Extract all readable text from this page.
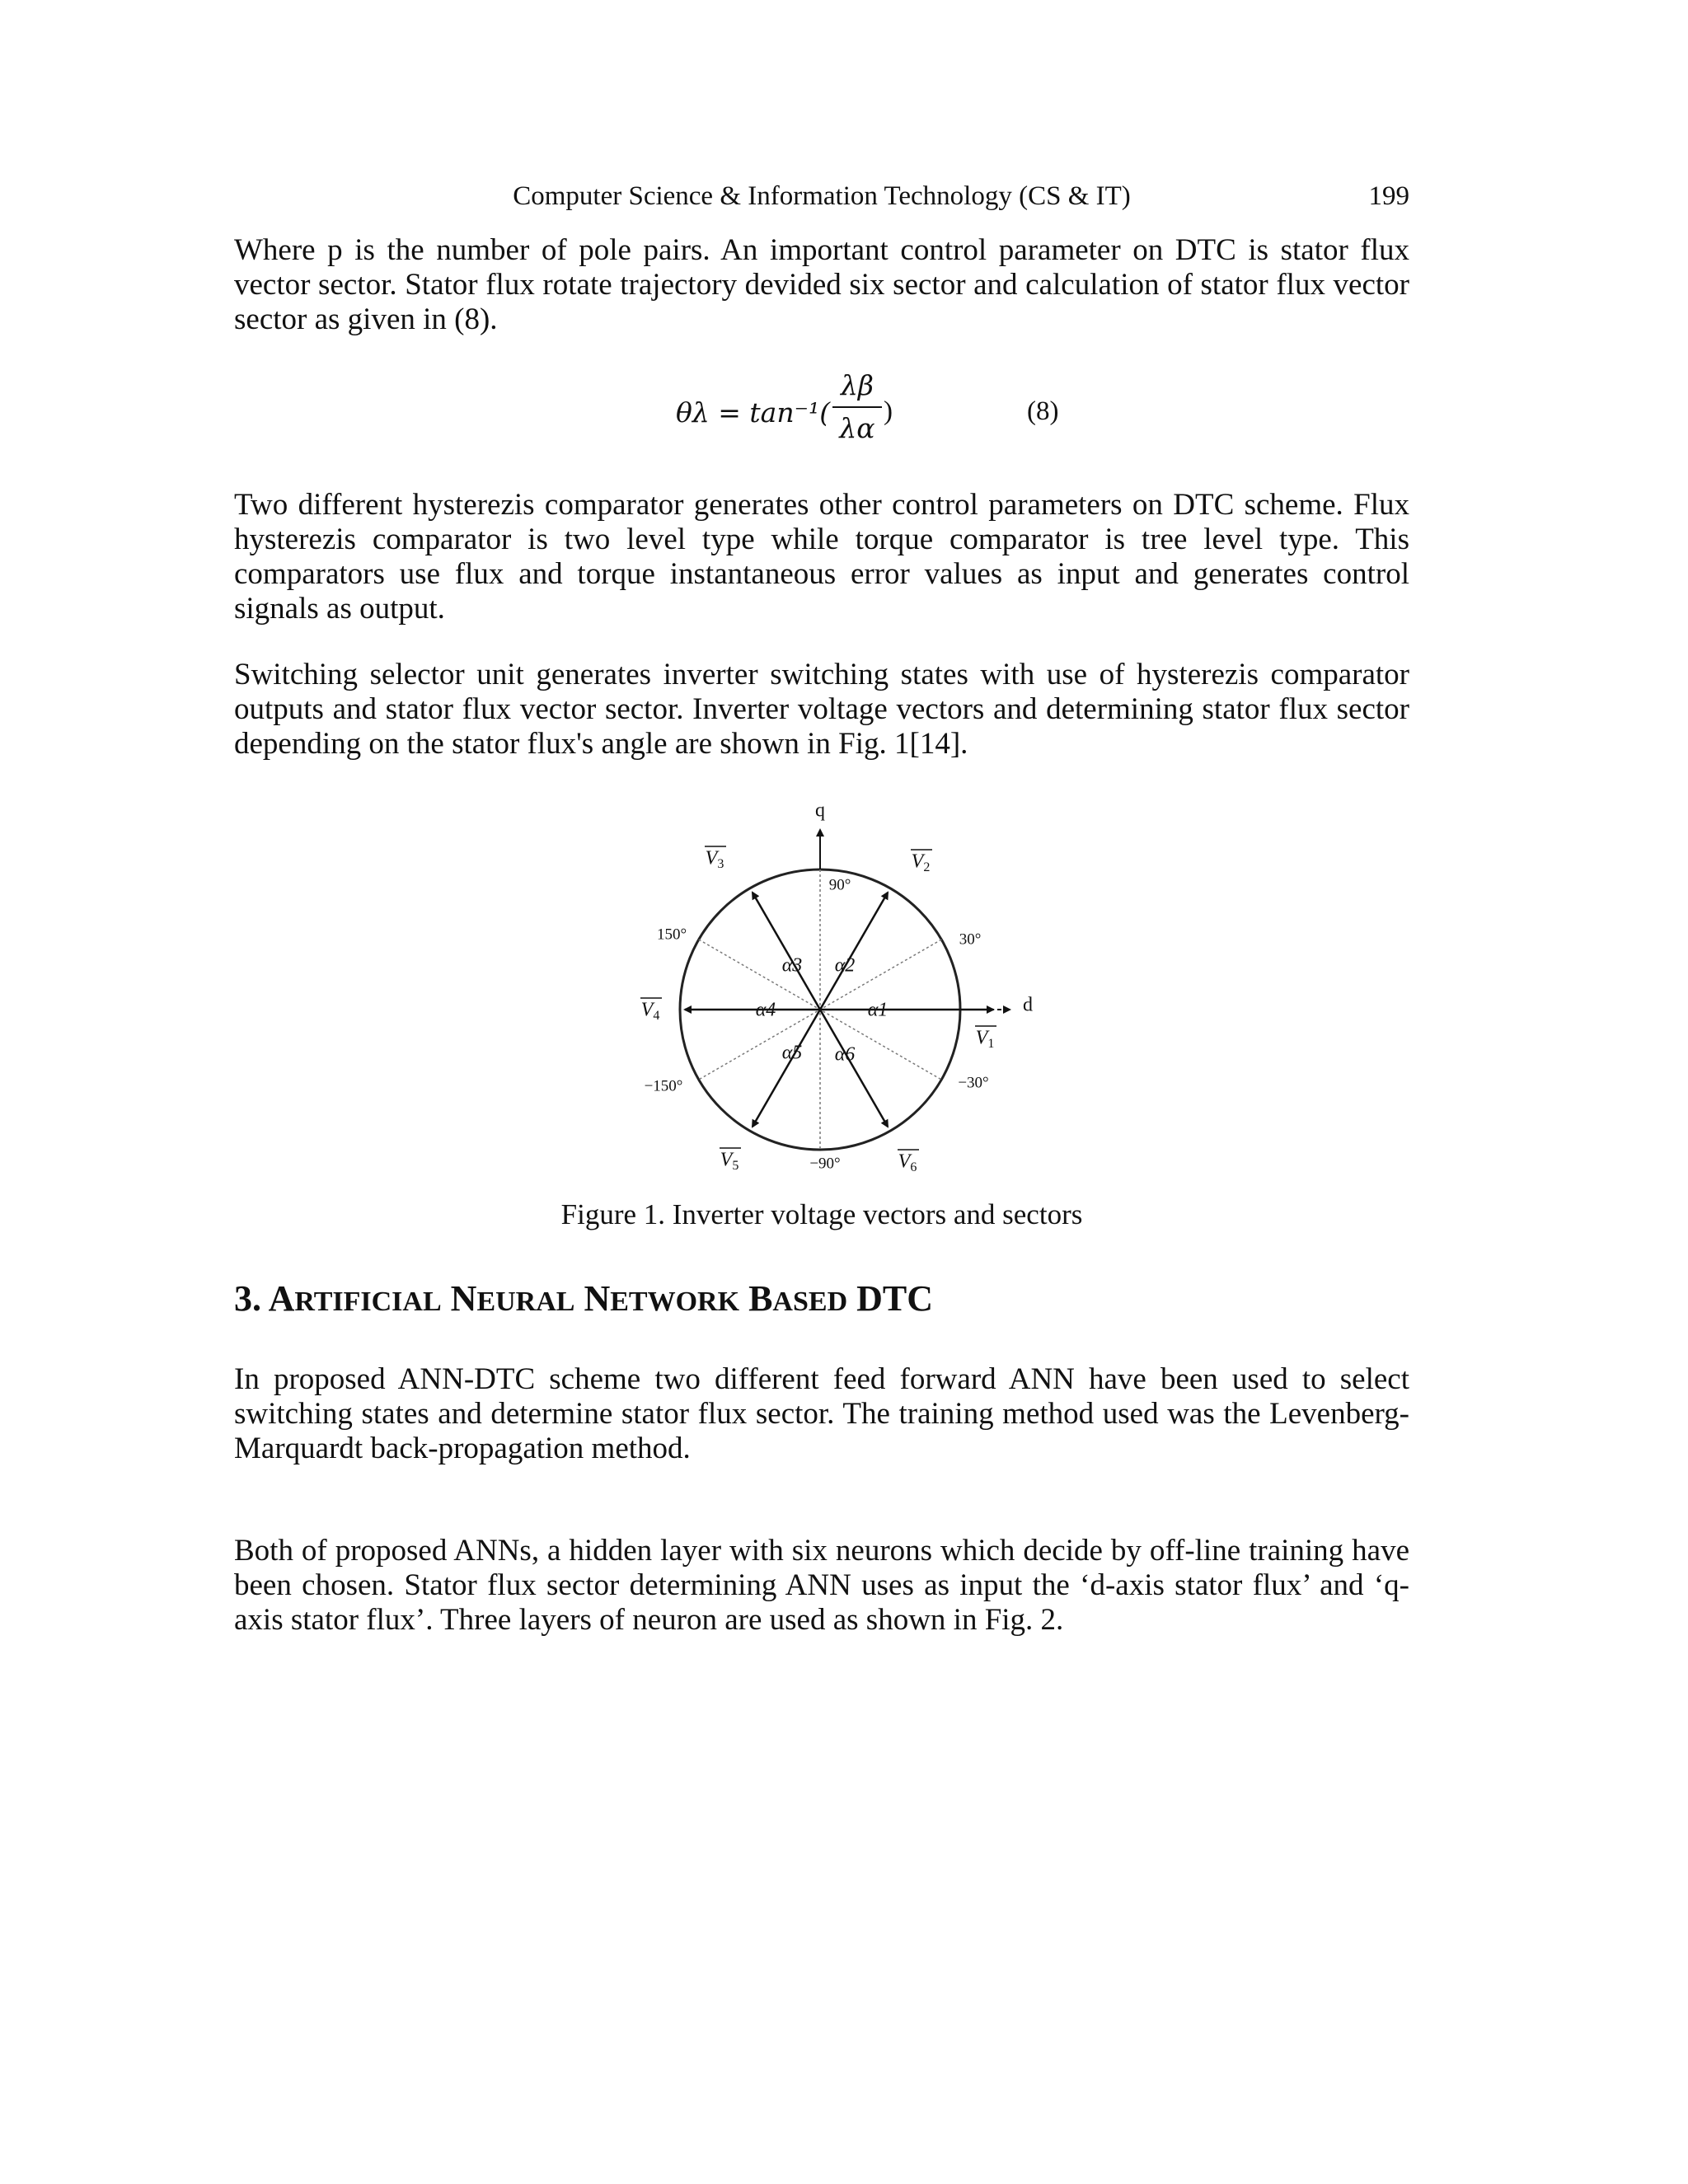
Computer Science & Information Technology (CS & IT)	199
Where p is the number of pole pairs. An important control parameter on DTC is stator flux vector sector. Stator flux rotate trajectory devided six sector and calculation of stator flux vector sector as given in (8).
θλ = tan⁻¹(
λβ
λα
)	(8)
Two different hysterezis comparator generates other control parameters on DTC scheme. Flux hysterezis comparator is two level type while torque comparator is tree level type. This comparators use flux and torque instantaneous error values as input and generates control signals as output.
Switching selector unit generates inverter switching states with use of hysterezis comparator outputs and stator flux vector sector. Inverter voltage vectors and determining stator flux sector depending on the stator flux's angle are shown in Fig. 1[14].
q
d
90°
30°
150°
−150°	−30°
−90°
$V_1$
$V_2$
$V_3$
$V_4$
$V_5$	$V_6$
α1
α2
α3
α4
α5 α6
Figure 1. Inverter voltage vectors and sectors
3. ARTIFICIAL NEURAL NETWORK BASED DTC
In proposed ANN-DTC scheme two different feed forward ANN have been used to select switching states and determine stator flux sector. The training method used was the Levenberg-Marquardt back-propagation method.
Both of proposed ANNs, a hidden layer with six neurons which decide by off-line training have been chosen. Stator flux sector determining ANN uses as input the ‘d-axis stator flux’ and ‘q-axis stator flux’. Three layers of neuron are used as shown in Fig. 2.
